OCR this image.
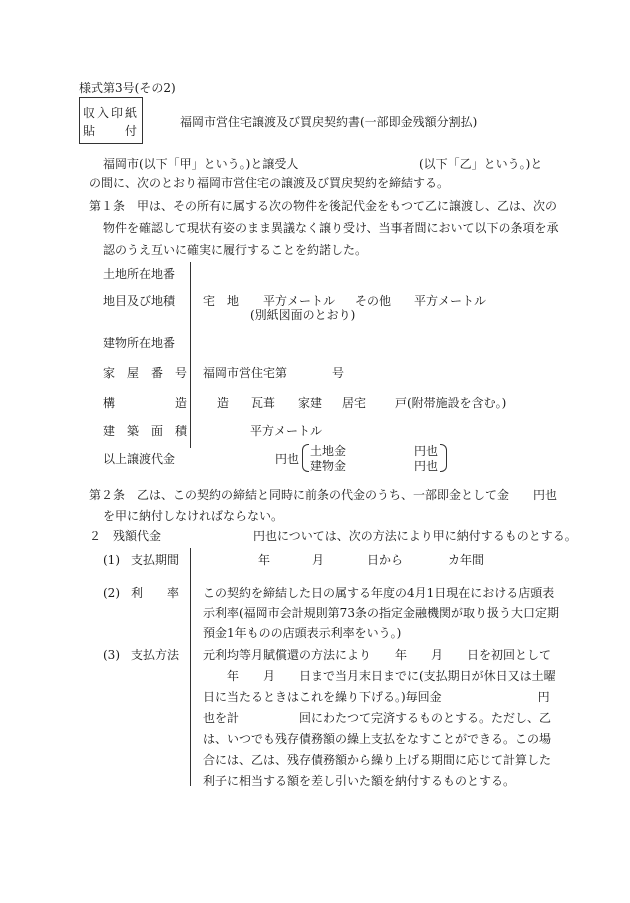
様式第3号(その2)
収入印紙
貼　　付
福岡市営住宅譲渡及び買戻契約書(一部即金残額分割払)
福岡市(以下「甲」という。)と譲受人	(以下「乙」という。)と
の間に、次のとおり福岡市営住宅の譲渡及び買戻契約を締結する。
第１条　甲は、その所有に属する次の物件を後記代金をもつて乙に譲渡し、乙は、次の
物件を確認して現状有姿のまま異議なく譲り受け、当事者間において以下の条項を承
認のうえ互いに確実に履行することを約諾した。
土地所在地番
地目及び地積 宅　地 平方メートル その他 平方メートル
(別紙図面のとおり)
建物所在地番
家　屋　番　号 福岡市営住宅第	号
構　　　　　造 造 瓦葺 家建 居宅 戸(附帯施設を含む。)
建　築　面　積	平方メートル
以上譲渡代金	円也
土地金	円也
建物金	円也
第２条　乙は、この契約の締結と同時に前条の代金のうち、一部即金として金　　円也
を甲に納付しなければならない。
２　残額代金	円也については、次の方法により甲に納付するものとする。
(1) 支払期間	年	月	日から	カ年間
(2) 利　　率 この契約を締結した日の属する年度の4月1日現在における店頭表
示利率(福岡市会計規則第73条の指定金融機関が取り扱う大口定期
預金1年ものの店頭表示利率をいう。)
(3) 支払方法 元利均等月賦償還の方法により　　年　　月　　日を初回として
　　年　　月　　日まで当月末日までに(支払期日が休日又は土曜
日に当たるときはこれを繰り下げる。)毎回金　　　　　　　　円
也を計　　　　　回にわたつて完済するものとする。ただし、乙
は、いつでも残存債務額の繰上支払をなすことができる。この場
合には、乙は、残存債務額から繰り上げる期間に応じて計算した
利子に相当する額を差し引いた額を納付するものとする。
